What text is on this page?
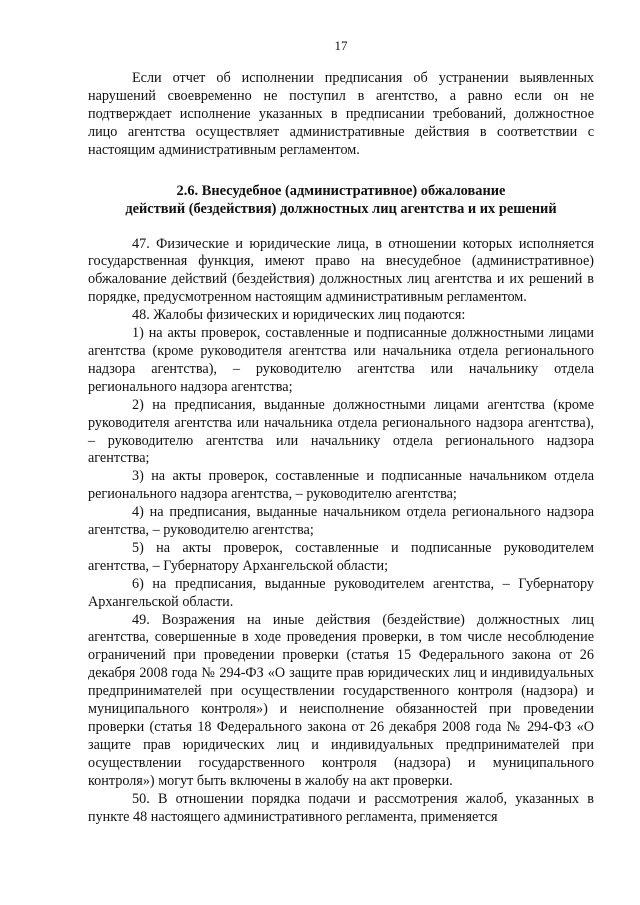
17

Если отчет об исполнении предписания об устранении выявленных нарушений своевременно не поступил в агентство, а равно если он не подтверждает исполнение указанных в предписании требований, должностное лицо агентства осуществляет административные действия в соответствии с настоящим административным регламентом.

2.6. Внесудебное (административное) обжалование
действий (бездействия) должностных лиц агентства и их решений

47. Физические и юридические лица, в отношении которых исполняется государственная функция, имеют право на внесудебное (административное) обжалование действий (бездействия) должностных лиц агентства и их решений в порядке, предусмотренном настоящим административным регламентом.

48. Жалобы физических и юридических лиц подаются:

1) на акты проверок, составленные и подписанные должностными лицами агентства (кроме руководителя агентства или начальника отдела регионального надзора агентства), – руководителю агентства или начальнику отдела регионального надзора агентства;

2) на предписания, выданные должностными лицами агентства (кроме руководителя агентства или начальника отдела регионального надзора агентства), – руководителю агентства или начальнику отдела регионального надзора агентства;

3) на акты проверок, составленные и подписанные начальником отдела регионального надзора агентства, – руководителю агентства;

4) на предписания, выданные начальником отдела регионального надзора агентства, – руководителю агентства;

5) на акты проверок, составленные и подписанные руководителем агентства, – Губернатору Архангельской области;

6) на предписания, выданные руководителем агентства, – Губернатору Архангельской области.

49. Возражения на иные действия (бездействие) должностных лиц агентства, совершенные в ходе проведения проверки, в том числе несоблюдение ограничений при проведении проверки (статья 15 Федерального закона от 26 декабря 2008 года № 294-ФЗ «О защите прав юридических лиц и индивидуальных предпринимателей при осуществлении государственного контроля (надзора) и муниципального контроля») и неисполнение обязанностей при проведении проверки (статья 18 Федерального закона от 26 декабря 2008 года № 294-ФЗ «О защите прав юридических лиц и индивидуальных предпринимателей при осуществлении государственного контроля (надзора) и муниципального контроля») могут быть включены в жалобу на акт проверки.

50. В отношении порядка подачи и рассмотрения жалоб, указанных в пункте 48 настоящего административного регламента, применяется
